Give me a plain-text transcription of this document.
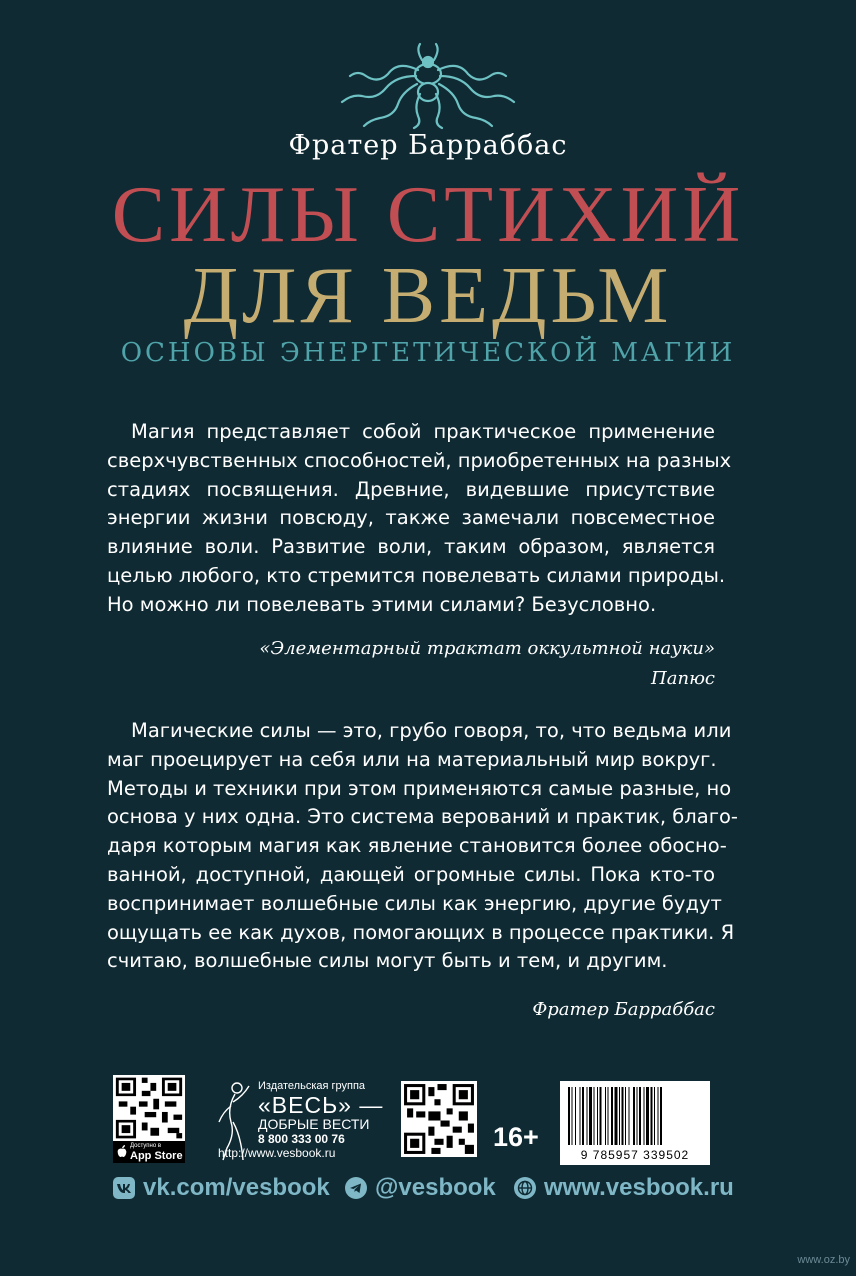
Фратер Барраббас
СИЛЫ СТИХИЙ
ДЛЯ ВЕДЬМ
ОСНОВЫ ЭНЕРГЕТИЧЕСКОЙ МАГИИ
Магия представляет собой практическое применение
сверхчувственных способностей, приобретенных на разных
стадиях посвящения. Древние, видевшие присутствие
энергии жизни повсюду, также замечали повсеместное
влияние воли. Развитие воли, таким образом, является
целью любого, кто стремится повелевать силами природы.
Но можно ли повелевать этими силами? Безусловно.
«Элементарный трактат оккультной науки»
Папюс
Магические силы — это, грубо говоря, то, что ведьма или
маг проецирует на себя или на материальный мир вокруг.
Методы и техники при этом применяются самые разные, но
основа у них одна. Это система верований и практик, благо-
даря которым магия как явление становится более обосно-
ванной, доступной, дающей огромные силы. Пока кто-то
воспринимает волшебные силы как энергию, другие будут
ощущать ее как духов, помогающих в процессе практики. Я
считаю, волшебные силы могут быть и тем, и другим.
Фратер Барраббас
Доступно в
App Store
Издательская группа
«ВЕСЬ» —
ДОБРЫЕ ВЕСТИ
8 800 333 00 76
http://www.vesbook.ru
16+
9 785957 339502
vk.com/vesbook @vesbook www.vesbook.ru
www.oz.by
